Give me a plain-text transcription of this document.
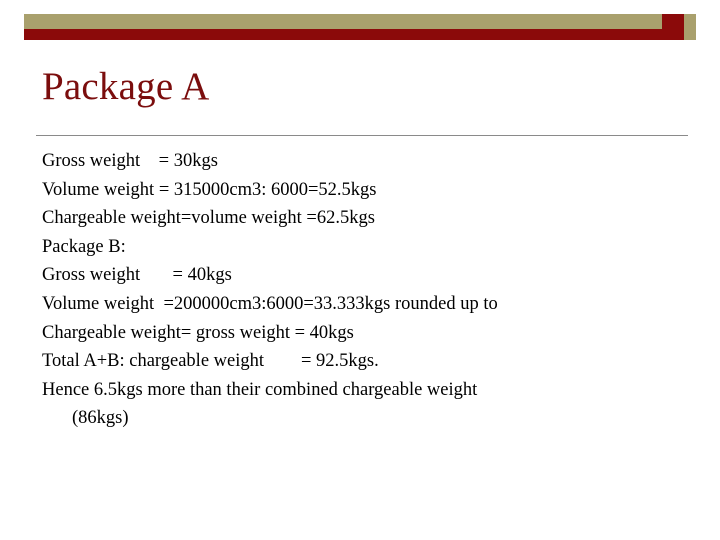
Package A
Gross weight    = 30kgs
Volume weight = 315000cm3: 6000=52.5kgs
Chargeable weight=volume weight =62.5kgs
Package B:
Gross weight       = 40kgs
Volume weight  =200000cm3:6000=33.333kgs rounded up to
Chargeable weight= gross weight = 40kgs
Total A+B: chargeable weight        = 92.5kgs.
Hence 6.5kgs more than their combined chargeable weight
(86kgs)
